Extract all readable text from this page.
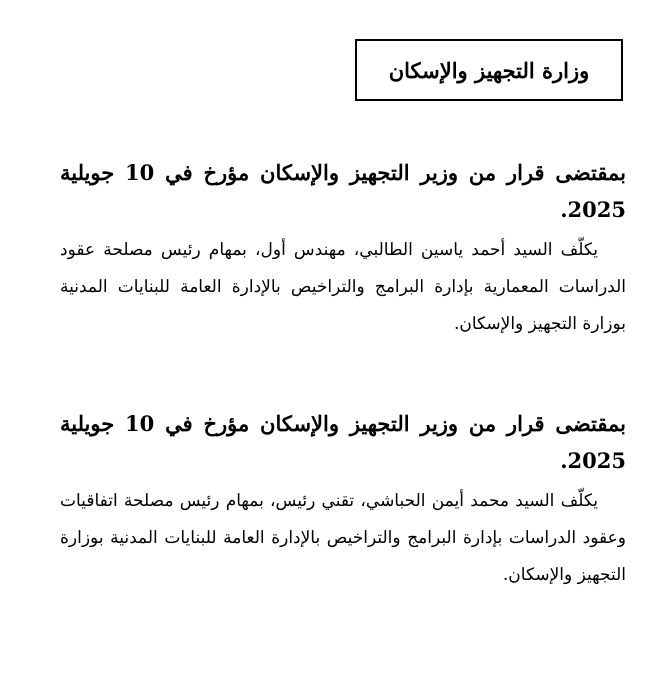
وزارة التجهيز والإسكان

بمقتضى قرار من وزير التجهيز والإسكان مؤرخ في 10 جويلية 2025.

يكلّف السيد أحمد ياسين الطالبي، مهندس أول، بمهام رئيس مصلحة عقود الدراسات المعمارية بإدارة البرامج والتراخيص بالإدارة العامة للبنايات المدنية بوزارة التجهيز والإسكان.

بمقتضى قرار من وزير التجهيز والإسكان مؤرخ في 10 جويلية 2025.

يكلّف السيد محمد أيمن الحباشي، تقني رئيس، بمهام رئيس مصلحة اتفاقيات وعقود الدراسات بإدارة البرامج والتراخيص بالإدارة العامة للبنايات المدنية بوزارة التجهيز والإسكان.
